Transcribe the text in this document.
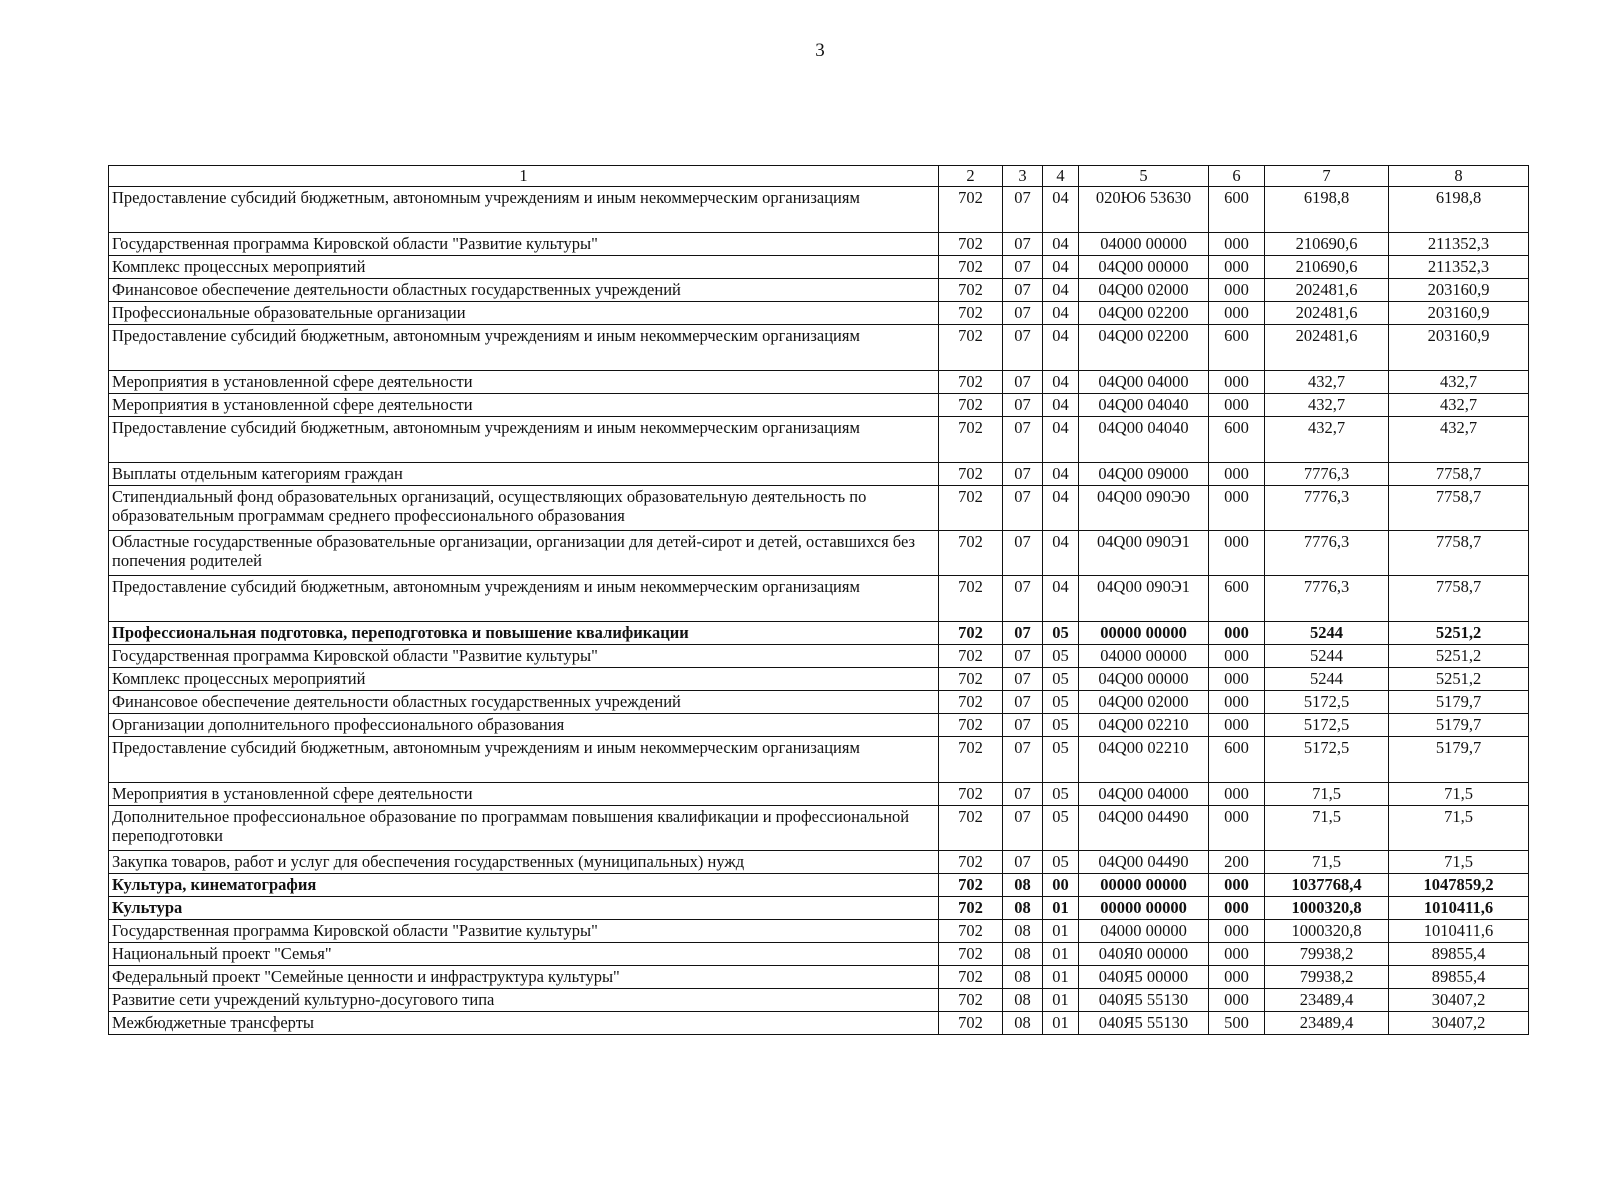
3
1	2	3	4	5	6	7	8
Предоставление субсидий бюджетным, автономным учреждениям и иным некоммерческим организациям	702	07	04	020Ю6 53630	600	6198,8	6198,8
Государственная программа Кировской области "Развитие культуры"	702	07	04	04000 00000	000	210690,6	211352,3
Комплекс процессных мероприятий	702	07	04	04Q00 00000	000	210690,6	211352,3
Финансовое обеспечение деятельности областных государственных учреждений	702	07	04	04Q00 02000	000	202481,6	203160,9
Профессиональные образовательные организации	702	07	04	04Q00 02200	000	202481,6	203160,9
Предоставление субсидий бюджетным, автономным учреждениям и иным некоммерческим организациям	702	07	04	04Q00 02200	600	202481,6	203160,9
Мероприятия в установленной сфере деятельности	702	07	04	04Q00 04000	000	432,7	432,7
Мероприятия в установленной сфере деятельности	702	07	04	04Q00 04040	000	432,7	432,7
Предоставление субсидий бюджетным, автономным учреждениям и иным некоммерческим организациям	702	07	04	04Q00 04040	600	432,7	432,7
Выплаты отдельным категориям граждан	702	07	04	04Q00 09000	000	7776,3	7758,7
Стипендиальный фонд образовательных организаций, осуществляющих образовательную деятельность по образовательным программам среднего профессионального образования	702	07	04	04Q00 090Э0	000	7776,3	7758,7
Областные государственные образовательные организации, организации для детей-сирот и детей, оставшихся без попечения родителей	702	07	04	04Q00 090Э1	000	7776,3	7758,7
Предоставление субсидий бюджетным, автономным учреждениям и иным некоммерческим организациям	702	07	04	04Q00 090Э1	600	7776,3	7758,7
Профессиональная подготовка, переподготовка и повышение квалификации	702	07	05	00000 00000	000	5244	5251,2
Государственная программа Кировской области "Развитие культуры"	702	07	05	04000 00000	000	5244	5251,2
Комплекс процессных мероприятий	702	07	05	04Q00 00000	000	5244	5251,2
Финансовое обеспечение деятельности областных государственных учреждений	702	07	05	04Q00 02000	000	5172,5	5179,7
Организации дополнительного профессионального образования	702	07	05	04Q00 02210	000	5172,5	5179,7
Предоставление субсидий бюджетным, автономным учреждениям и иным некоммерческим организациям	702	07	05	04Q00 02210	600	5172,5	5179,7
Мероприятия в установленной сфере деятельности	702	07	05	04Q00 04000	000	71,5	71,5
Дополнительное профессиональное образование по программам повышения квалификации и профессиональной переподготовки	702	07	05	04Q00 04490	000	71,5	71,5
Закупка товаров, работ и услуг для обеспечения государственных (муниципальных) нужд	702	07	05	04Q00 04490	200	71,5	71,5
Культура, кинематография	702	08	00	00000 00000	000	1037768,4	1047859,2
Культура	702	08	01	00000 00000	000	1000320,8	1010411,6
Государственная программа Кировской области "Развитие культуры"	702	08	01	04000 00000	000	1000320,8	1010411,6
Национальный проект "Семья"	702	08	01	040Я0 00000	000	79938,2	89855,4
Федеральный проект "Семейные ценности и инфраструктура культуры"	702	08	01	040Я5 00000	000	79938,2	89855,4
Развитие сети учреждений культурно-досугового типа	702	08	01	040Я5 55130	000	23489,4	30407,2
Межбюджетные трансферты	702	08	01	040Я5 55130	500	23489,4	30407,2
